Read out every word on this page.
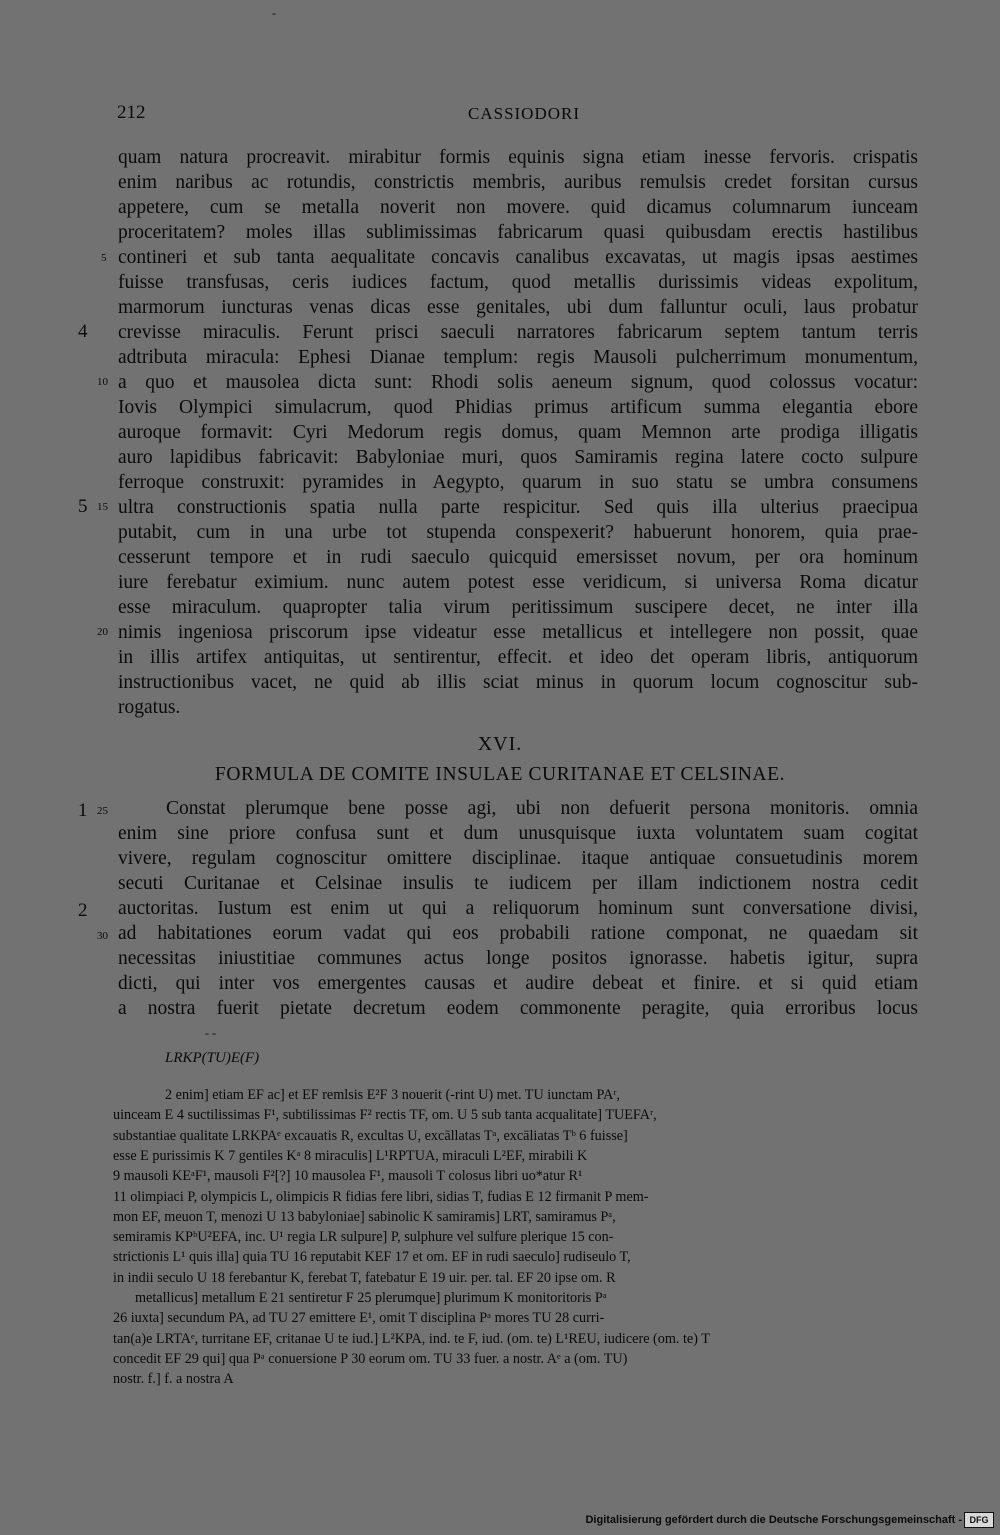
-
212	CASSIODORI
5
4
10
5 15
20
1 25
2
30
quam natura procreavit. mirabitur formis equinis signa etiam inesse fervoris. crispatis
enim naribus ac rotundis, constrictis membris, auribus remulsis credet forsitan cursus
appetere, cum se metalla noverit non movere. quid dicamus columnarum iunceam
proceritatem? moles illas sublimissimas fabricarum quasi quibusdam erectis hastilibus
contineri et sub tanta aequalitate concavis canalibus excavatas, ut magis ipsas aestimes
fuisse transfusas, ceris iudices factum, quod metallis durissimis videas expolitum,
marmorum iuncturas venas dicas esse genitales, ubi dum falluntur oculi, laus probatur
crevisse miraculis. Ferunt prisci saeculi narratores fabricarum septem tantum terris
adtributa miracula: Ephesi Dianae templum: regis Mausoli pulcherrimum monumentum,
a quo et mausolea dicta sunt: Rhodi solis aeneum signum, quod colossus vocatur:
Iovis Olympici simulacrum, quod Phidias primus artificum summa elegantia ebore
auroque formavit: Cyri Medorum regis domus, quam Memnon arte prodiga illigatis
auro lapidibus fabricavit: Babyloniae muri, quos Samiramis regina latere cocto sulpure
ferroque construxit: pyramides in Aegypto, quarum in suo statu se umbra consumens
ultra constructionis spatia nulla parte respicitur. Sed quis illa ulterius praecipua
putabit, cum in una urbe tot stupenda conspexerit? habuerunt honorem, quia prae-
cesserunt tempore et in rudi saeculo quicquid emersisset novum, per ora hominum
iure ferebatur eximium. nunc autem potest esse veridicum, si universa Roma dicatur
esse miraculum. quapropter talia virum peritissimum suscipere decet, ne inter illa
nimis ingeniosa priscorum ipse videatur esse metallicus et intellegere non possit, quae
in illis artifex antiquitas, ut sentirentur, effecit. et ideo det operam libris, antiquorum
instructionibus vacet, ne quid ab illis sciat minus in quorum locum cognoscitur sub-
rogatus.
XVI.
FORMULA DE COMITE INSULAE CURITANAE ET CELSINAE.
Constat plerumque bene posse agi, ubi non defuerit persona monitoris. omnia
enim sine priore confusa sunt et dum unusquisque iuxta voluntatem suam cogitat
vivere, regulam cognoscitur omittere disciplinae. itaque antiquae consuetudinis morem
secuti Curitanae et Celsinae insulis te iudicem per illam indictionem nostra cedit
auctoritas. Iustum est enim ut qui a reliquorum hominum sunt conversatione divisi,
ad habitationes eorum vadat qui eos probabili ratione componat, ne quaedam sit
necessitas iniustitiae communes actus longe positos ignorasse. habetis igitur, supra
dicti, qui inter vos emergentes causas et audire debeat et finire. et si quid etiam
a nostra fuerit pietate decretum eodem commonente peragite, quia erroribus locus
- -
LRKP(TU)E(F)
2 enim] etiam EF ac] et EF remlsis E²F 3 nouerit (-rint U) met. TU iunctam PAʳ,
uinceam E 4 suctilissimas F¹, subtilissimas F² rectis TF, om. U 5 sub tanta acqualitate] TUEFAʳ,
substantiae qualitate LRKPAᵉ excauatis R, excultas U, excāllatas Tᵃ, excāliatas Tᵇ 6 fuisse]
esse E purissimis K 7 gentiles Kᵃ 8 miraculis] L¹RPTUA, miraculi L²EF, mirabili K
9 mausoli KEᵃF¹, mausoli F²[?] 10 mausolea F¹, mausoli T colosus libri uo*atur R¹
11 olimpiaci P, olympicis L, olimpicis R fidias fere libri, sidias T, fudias E 12 firmanit P mem-
mon EF, meuon T, menozi U 13 babyloniae] sabinolic K samiramis] LRT, samiramus Pᵃ,
semiramis KPᵇU²EFA, inc. U¹ regia LR sulpure] P, sulphure vel sulfure plerique 15 con-
strictionis L¹ quis illa] quia TU 16 reputabit KEF 17 et om. EF in rudi saeculo] rudiseulo T,
in indii seculo U 18 ferebantur K, ferebat T, fatebatur E 19 uir. per. tal. EF 20 ipse om. R
metallicus] metallum E 21 sentiretur F 25 plerumque] plurimum K monitoritoris Pᵃ
26 iuxta] secundum PA, ad TU 27 emittere E¹, omit T disciplina Pᵃ mores TU 28 curri-
tan(a)e LRTAᵉ, turritane EF, critanae U te iud.] L²KPA, ind. te F, iud. (om. te) L¹REU, iudicere (om. te) T
concedit EF 29 qui] qua Pᵃ conuersione P 30 eorum om. TU 33 fuer. a nostr. Aᵉ a (om. TU)
nostr. f.] f. a nostra A
Digitalisierung gefördert durch die Deutsche Forschungsgemeinschaft - DFG
